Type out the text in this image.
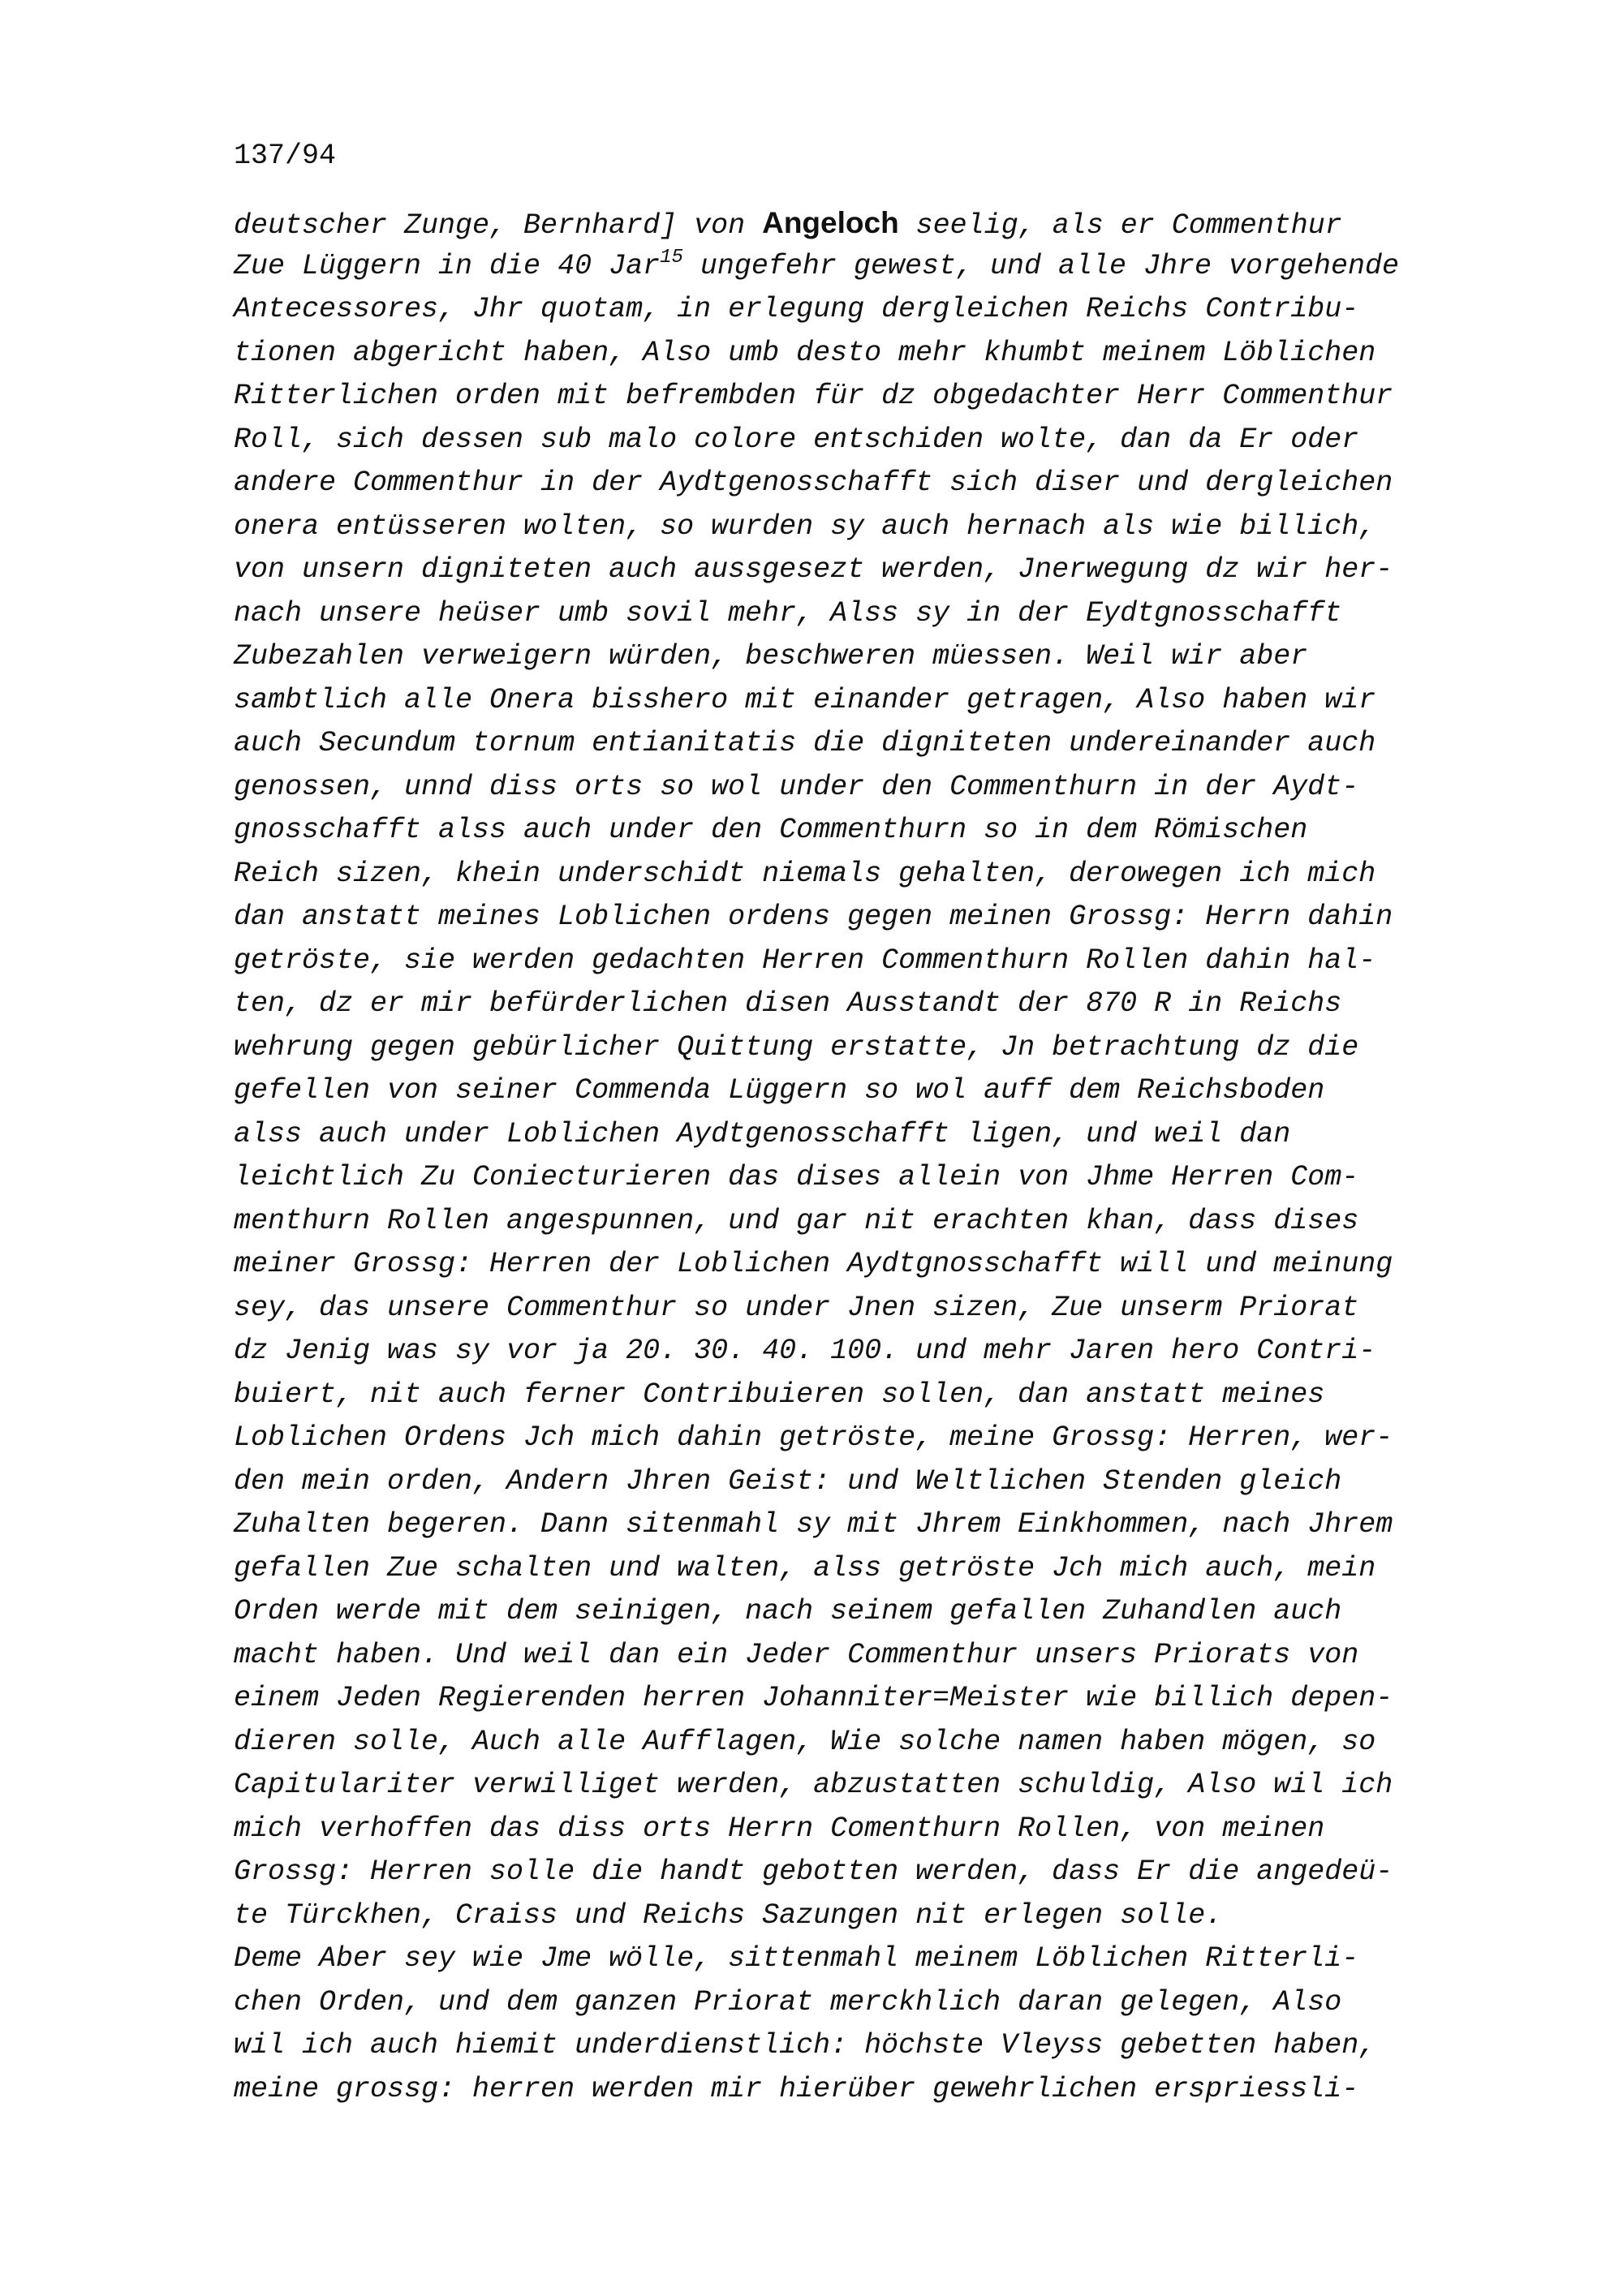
137/94
deutscher Zunge, Bernhard] von Angeloch seelig, als er Commenthur
Zue Lüggern in die 40 Jar$^{15}$ ungefehr gewest, und alle Jhre vorgehende
Antecessores, Jhr quotam, in erlegung dergleichen Reichs Contribu-
tionen abgericht haben, Also umb desto mehr khumbt meinem Löblichen
Ritterlichen orden mit befrembden für dz obgedachter Herr Commenthur
Roll, sich dessen sub malo colore entschiden wolte, dan da Er oder
andere Commenthur in der Aydtgenosschafft sich diser und dergleichen
onera entüsseren wolten, so wurden sy auch hernach als wie billich,
von unsern digniteten auch aussgesezt werden, Jnerwegung dz wir her-
nach unsere heüser umb sovil mehr, Alss sy in der Eydtgnosschafft
Zubezahlen verweigern würden, beschweren müessen. Weil wir aber
sambtlich alle Onera bisshero mit einander getragen, Also haben wir
auch Secundum tornum entianitatis die digniteten undereinander auch
genossen, unnd diss orts so wol under den Commenthurn in der Aydt-
gnosschafft alss auch under den Commenthurn so in dem Römischen
Reich sizen, khein underschidt niemals gehalten, derowegen ich mich
dan anstatt meines Loblichen ordens gegen meinen Grossg: Herrn dahin
getröste, sie werden gedachten Herren Commenthurn Rollen dahin hal-
ten, dz er mir befürderlichen disen Ausstandt der 870 R in Reichs
wehrung gegen gebürlicher Quittung erstatte, Jn betrachtung dz die
gefellen von seiner Commenda Lüggern so wol auff dem Reichsboden
alss auch under Loblichen Aydtgenosschafft ligen, und weil dan
leichtlich Zu Coniecturieren das dises allein von Jhme Herren Com-
menthurn Rollen angespunnen, und gar nit erachten khan, dass dises
meiner Grossg: Herren der Loblichen Aydtgnosschafft will und meinung
sey, das unsere Commenthur so under Jnen sizen, Zue unserm Priorat
dz Jenig was sy vor ja 20. 30. 40. 100. und mehr Jaren hero Contri-
buiert, nit auch ferner Contribuieren sollen, dan anstatt meines
Loblichen Ordens Jch mich dahin getröste, meine Grossg: Herren, wer-
den mein orden, Andern Jhren Geist: und Weltlichen Stenden gleich
Zuhalten begeren. Dann sitenmahl sy mit Jhrem Einkhommen, nach Jhrem
gefallen Zue schalten und walten, alss getröste Jch mich auch, mein
Orden werde mit dem seinigen, nach seinem gefallen Zuhandlen auch
macht haben. Und weil dan ein Jeder Commenthur unsers Priorats von
einem Jeden Regierenden herren Johanniter=Meister wie billich depen-
dieren solle, Auch alle Aufflagen, Wie solche namen haben mögen, so
Capitulariter verwilliget werden, abzustatten schuldig, Also wil ich
mich verhoffen das diss orts Herrn Comenthurn Rollen, von meinen
Grossg: Herren solle die handt gebotten werden, dass Er die angedeü-
te Türckhen, Craiss und Reichs Sazungen nit erlegen solle.
Deme Aber sey wie Jme wölle, sittenmahl meinem Löblichen Ritterli-
chen Orden, und dem ganzen Priorat merckhlich daran gelegen, Also
wil ich auch hiemit underdienstlich: höchste Vleyss gebetten haben,
meine grossg: herren werden mir hierüber gewehrlichen erspriessli-
